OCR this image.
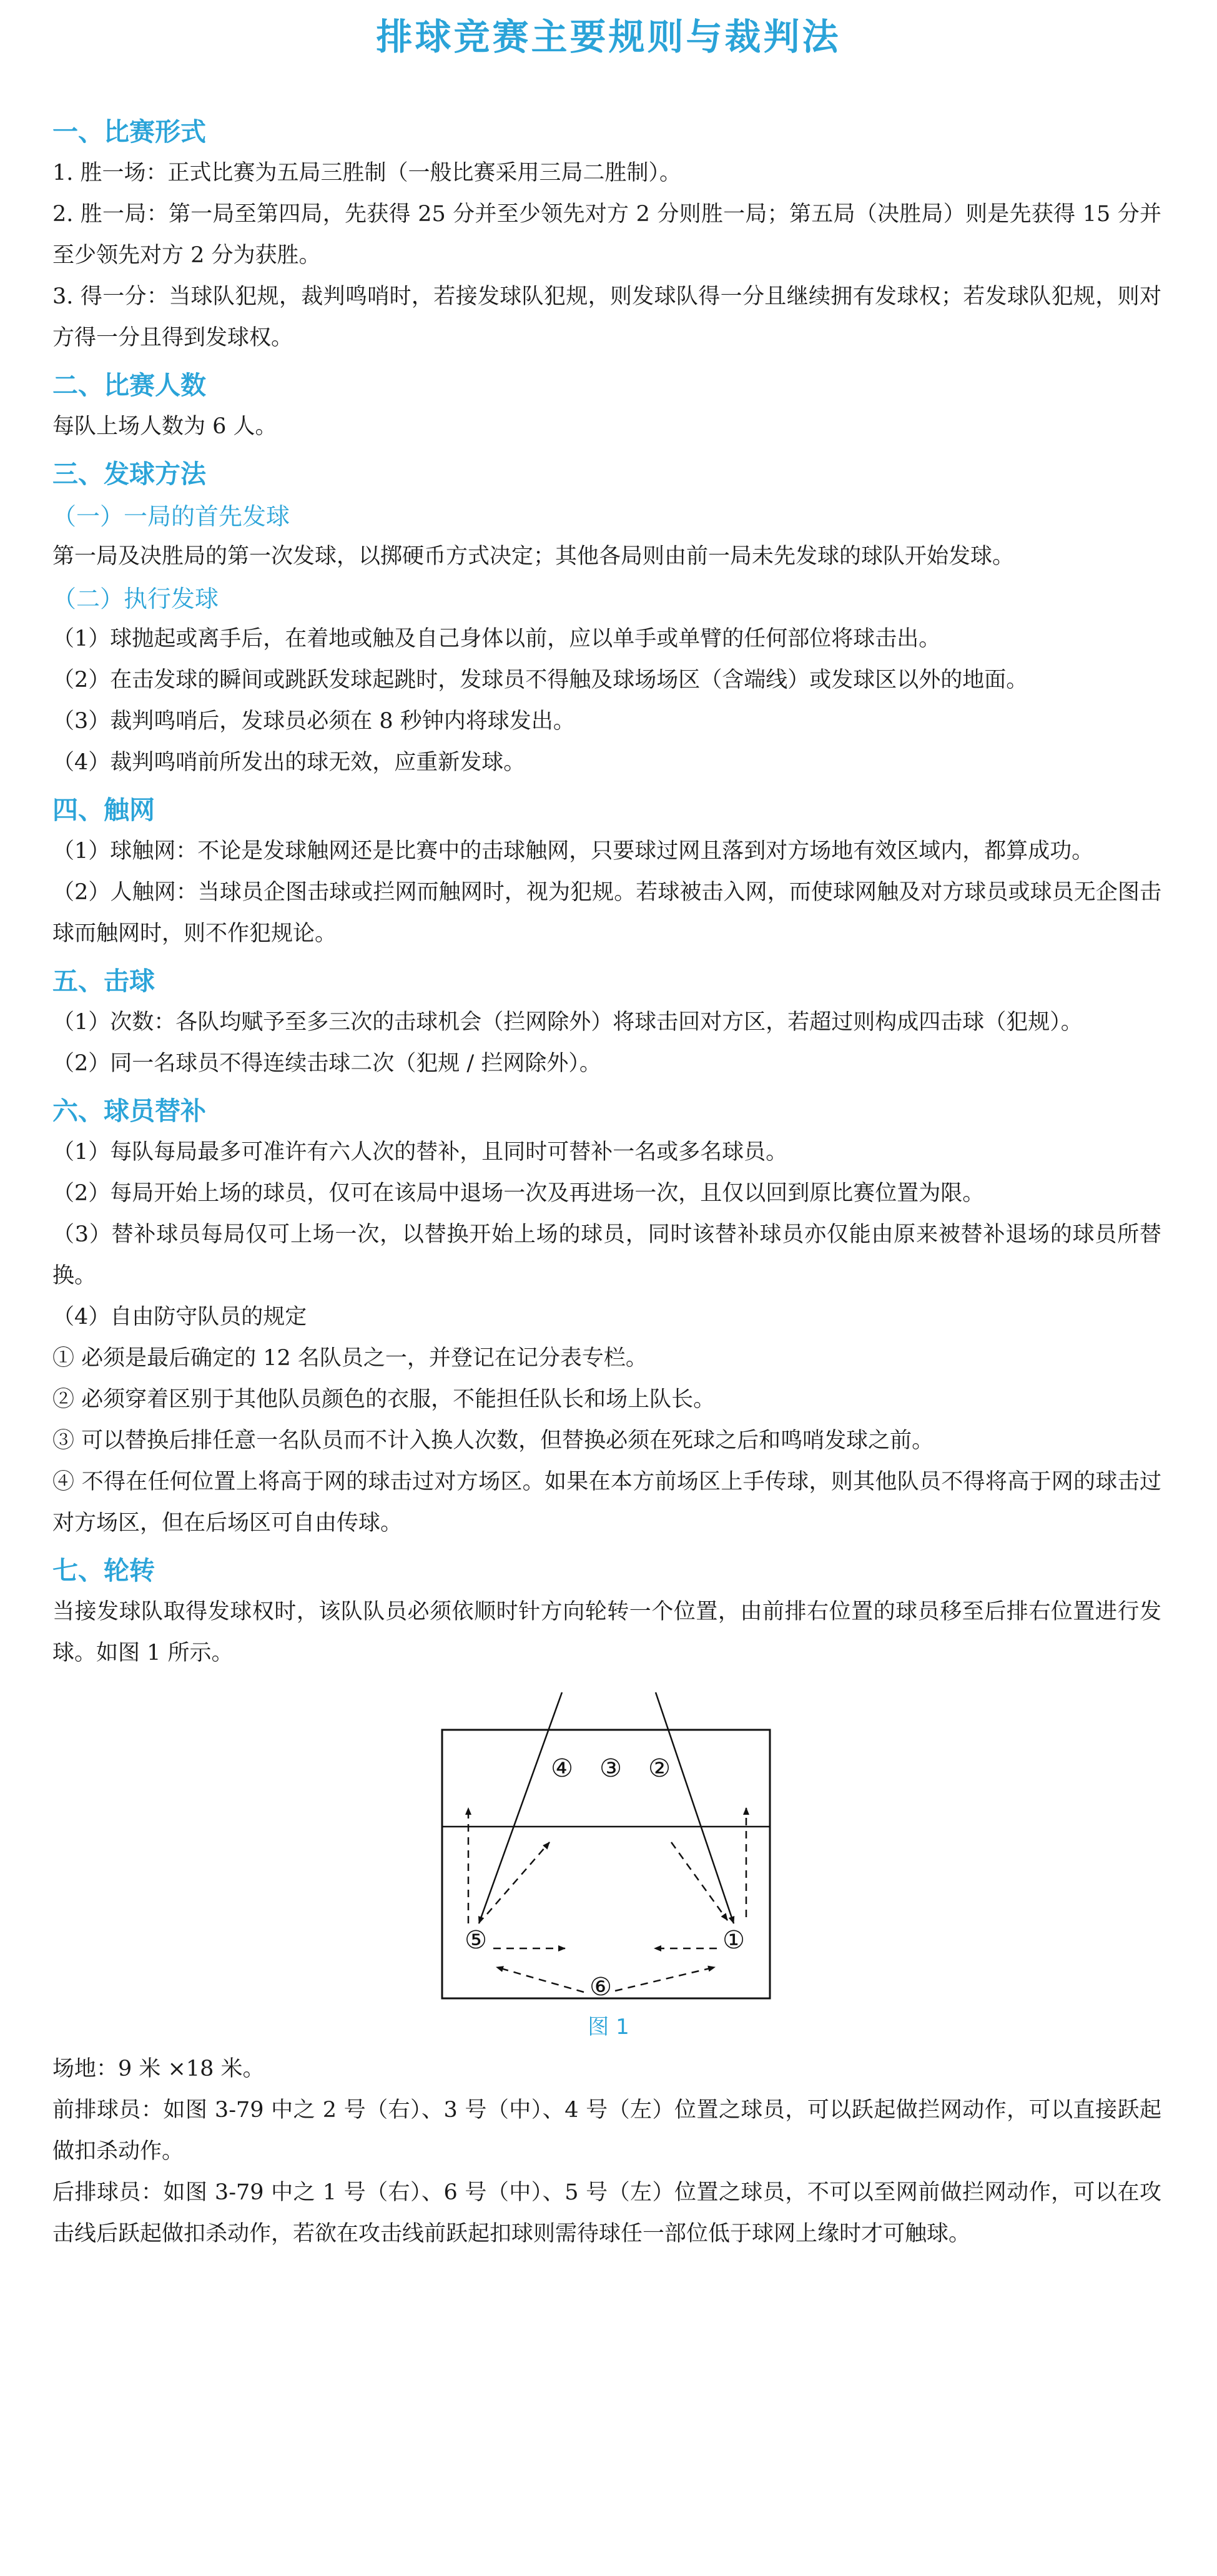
排球竞赛主要规则与裁判法
一、比赛形式

1. 胜一场：正式比赛为五局三胜制（一般比赛采用三局二胜制）。

2. 胜一局：第一局至第四局，先获得 25 分并至少领先对方 2 分则胜一局；第五局（决胜局）则是先获得 15 分并至少领先对方 2 分为获胜。

3. 得一分：当球队犯规，裁判鸣哨时，若接发球队犯规，则发球队得一分且继续拥有发球权；若发球队犯规，则对方得一分且得到发球权。

二、比赛人数

每队上场人数为 6 人。

三、发球方法
（一）一局的首先发球

第一局及决胜局的第一次发球，以掷硬币方式决定；其他各局则由前一局未先发球的球队开始发球。

（二）执行发球

（1）球抛起或离手后，在着地或触及自己身体以前，应以单手或单臂的任何部位将球击出。

（2）在击发球的瞬间或跳跃发球起跳时，发球员不得触及球场场区（含端线）或发球区以外的地面。

（3）裁判鸣哨后，发球员必须在 8 秒钟内将球发出。

（4）裁判鸣哨前所发出的球无效，应重新发球。

四、触网

（1）球触网：不论是发球触网还是比赛中的击球触网，只要球过网且落到对方场地有效区域内，都算成功。

（2）人触网：当球员企图击球或拦网而触网时，视为犯规。若球被击入网，而使球网触及对方球员或球员无企图击球而触网时，则不作犯规论。

五、击球

（1）次数：各队均赋予至多三次的击球机会（拦网除外）将球击回对方区，若超过则构成四击球（犯规）。

（2）同一名球员不得连续击球二次（犯规 / 拦网除外）。

六、球员替补

（1）每队每局最多可准许有六人次的替补，且同时可替补一名或多名球员。

（2）每局开始上场的球员，仅可在该局中退场一次及再进场一次，且仅以回到原比赛位置为限。

（3）替补球员每局仅可上场一次，以替换开始上场的球员，同时该替补球员亦仅能由原来被替补退场的球员所替换。

（4）自由防守队员的规定

① 必须是最后确定的 12 名队员之一，并登记在记分表专栏。

② 必须穿着区别于其他队员颜色的衣服，不能担任队长和场上队长。

③ 可以替换后排任意一名队员而不计入换人次数，但替换必须在死球之后和鸣哨发球之前。

④ 不得在任何位置上将高于网的球击过对方场区。如果在本方前场区上手传球，则其他队员不得将高于网的球击过对方场区，但在后场区可自由传球。

七、轮转

当接发球队取得发球权时，该队队员必须依顺时针方向轮转一个位置，由前排右位置的球员移至后排右位置进行发球。如图 1 所示。

④ ③ ②
⑤
⑥
①
图 1

场地：9 米 ×18 米。

前排球员：如图 3-79 中之 2 号（右）、3 号（中）、4 号（左）位置之球员，可以跃起做拦网动作，可以直接跃起做扣杀动作。

后排球员：如图 3-79 中之 1 号（右）、6 号（中）、5 号（左）位置之球员，不可以至网前做拦网动作，可以在攻击线后跃起做扣杀动作，若欲在攻击线前跃起扣球则需待球任一部位低于球网上缘时才可触球。
